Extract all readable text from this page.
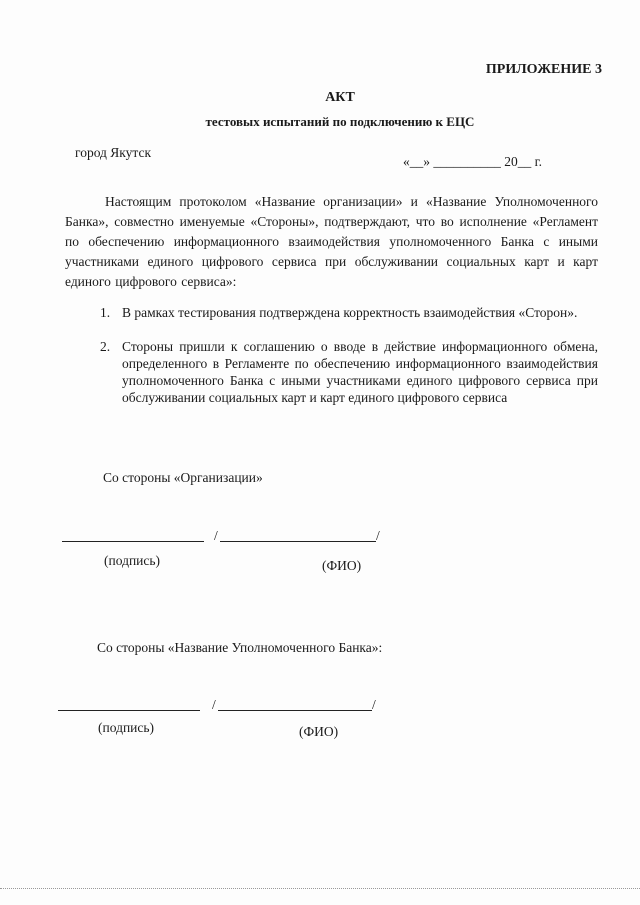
ПРИЛОЖЕНИЕ 3
АКТ
тестовых испытаний по подключению к ЕЦС
город Якутск
«__» __________ 20__ г.

Настоящим протоколом «Название организации» и «Название Уполномоченного Банка», совместно именуемые «Стороны», подтверждают, что во исполнение «Регламент по обеспечению информационного взаимодействия уполномоченного Банка с иными участниками единого цифрового сервиса при обслуживании социальных карт и карт единого цифрового сервиса»:

1. В рамках тестирования подтверждена корректность взаимодействия «Сторон».
2. Стороны пришли к соглашению о вводе в действие информационного обмена, определенного в Регламенте по обеспечению информационного взаимодействия уполномоченного Банка с иными участниками единого цифрового сервиса при обслуживании социальных карт и карт единого цифрового сервиса
Со стороны «Организации»
/	/
(подпись)	(ФИО)
Со стороны «Название Уполномоченного Банка»:
/	/
(подпись)	(ФИО)
